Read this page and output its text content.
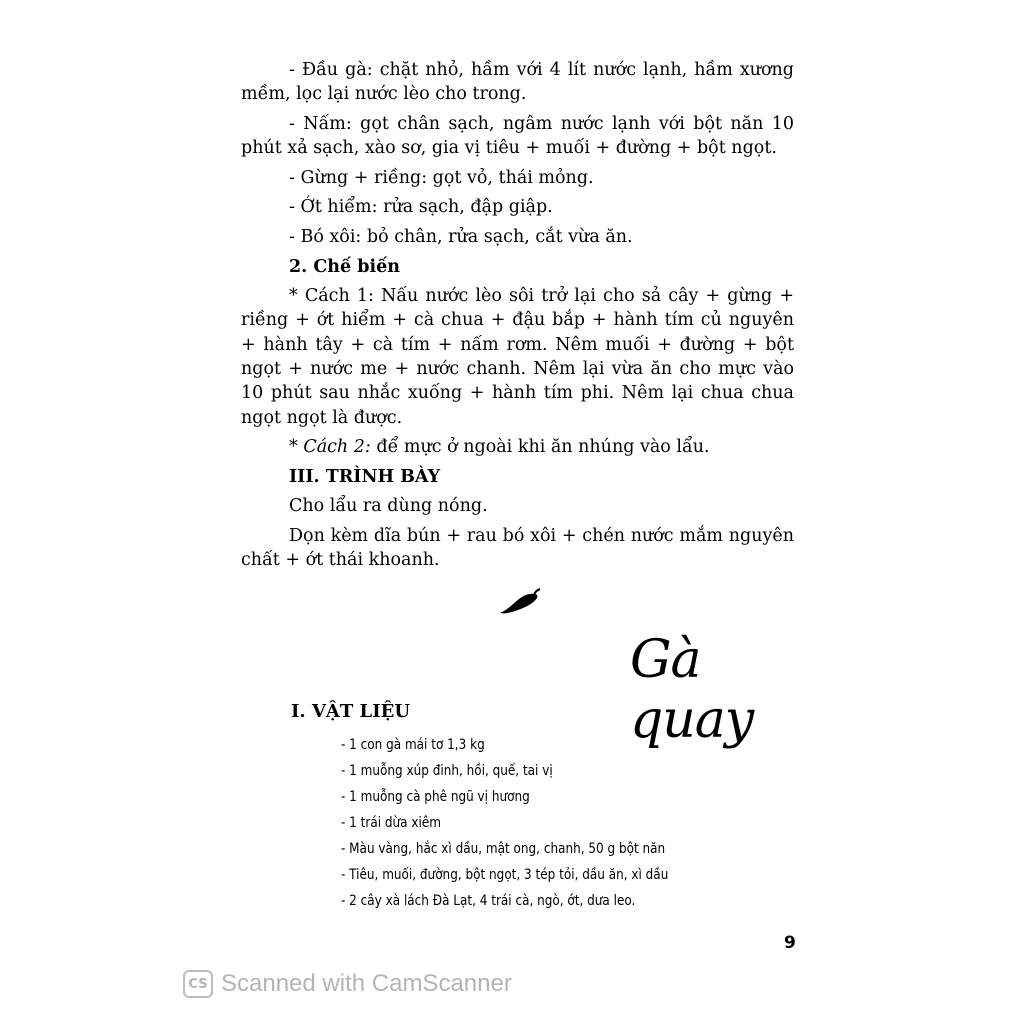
- Đầu gà: chặt nhỏ, hầm với 4 lít nước lạnh, hầm xương mềm, lọc lại nước lèo cho trong.

- Nấm: gọt chân sạch, ngâm nước lạnh với bột năn 10 phút xả sạch, xào sơ, gia vị tiêu + muối + đường + bột ngọt.

- Gừng + riềng: gọt vỏ, thái mỏng.

- Ớt hiểm: rửa sạch, đập giập.

- Bó xôi: bỏ chân, rửa sạch, cắt vừa ăn.

2. Chế biến

* Cách 1: Nấu nước lèo sôi trở lại cho sả cây + gừng + riềng + ớt hiểm + cà chua + đậu bắp + hành tím củ nguyên + hành tây + cà tím + nấm rơm. Nêm muối + đường + bột ngọt + nước me + nước chanh. Nêm lại vừa ăn cho mực vào 10 phút sau nhắc xuống + hành tím phi. Nêm lại chua chua ngọt ngọt là được.

* Cách 2: để mực ở ngoài khi ăn nhúng vào lẩu.

III. TRÌNH BÀY

Cho lẩu ra dùng nóng.

Dọn kèm dĩa bún + rau bó xôi + chén nước mắm nguyên chất + ớt thái khoanh.

Gà quay
I. VẬT LIỆU
- 1 con gà mái tơ 1,3 kg
- 1 muỗng xúp đinh, hồi, quế, tai vị
- 1 muỗng cà phê ngũ vị hương
- 1 trái dừa xiêm
- Màu vàng, hắc xì dầu, mật ong, chanh, 50 g bột năn
- Tiêu, muối, đường, bột ngọt, 3 tép tỏi, dầu ăn, xì dầu
- 2 cây xà lách Đà Lạt, 4 trái cà, ngò, ớt, dưa leo.
9
CS Scanned with CamScanner
